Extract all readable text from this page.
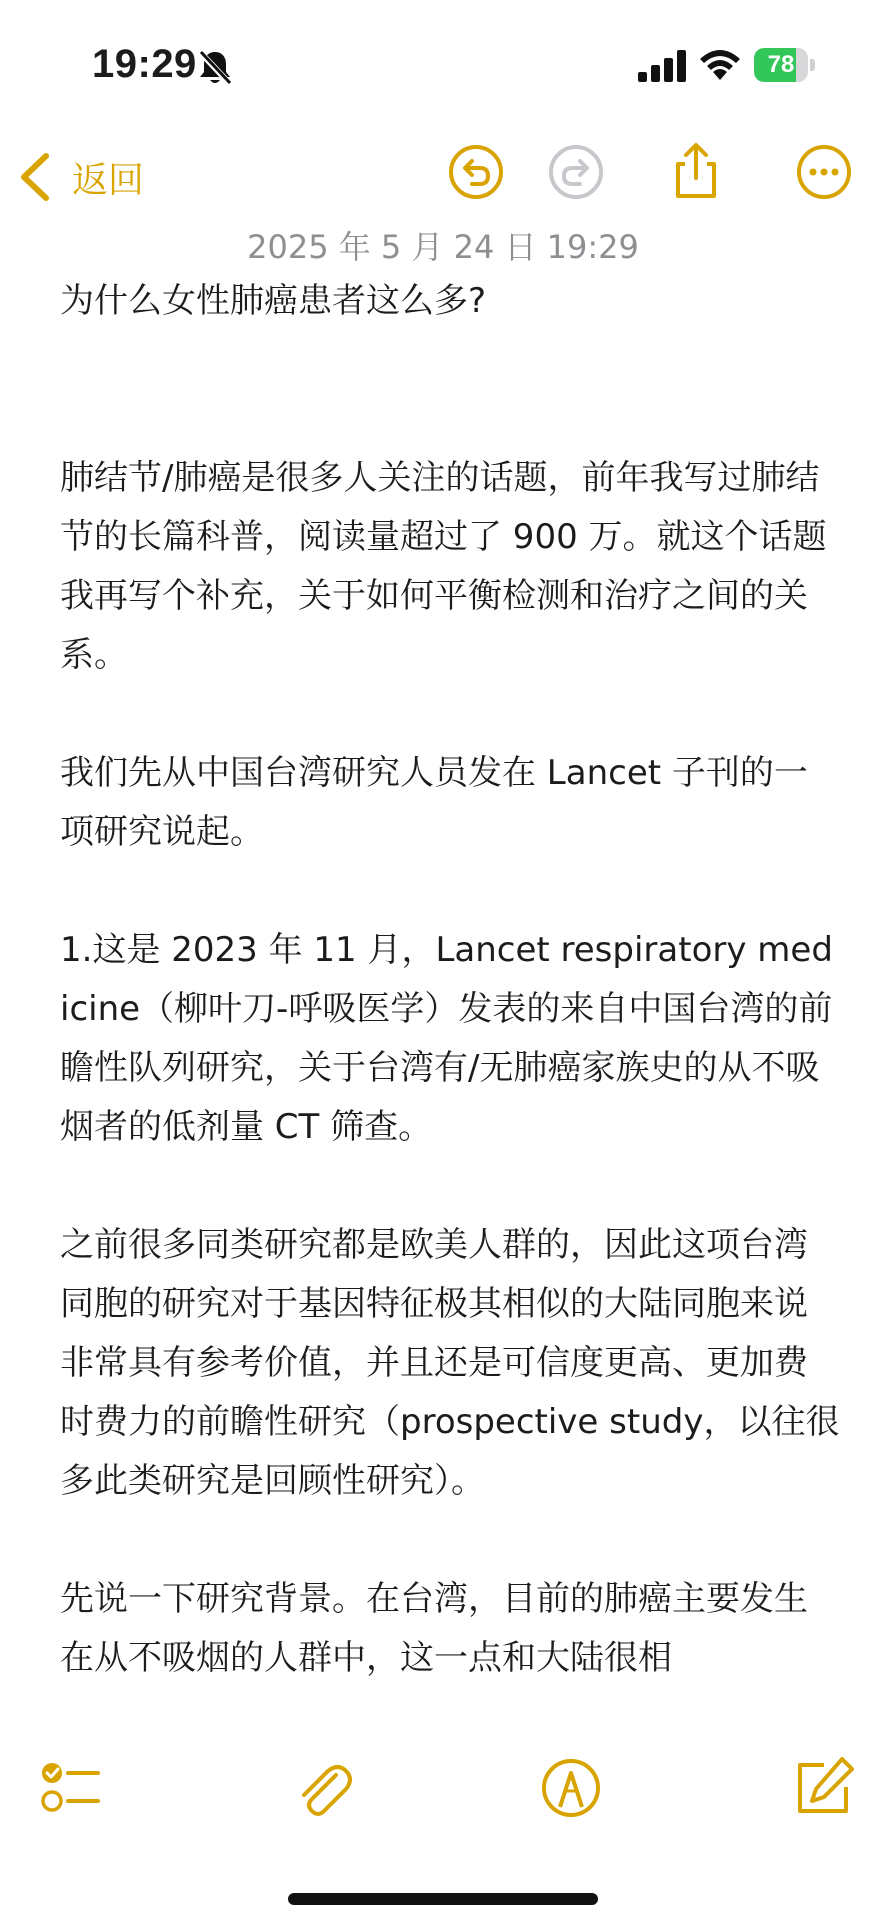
19:29	78
返回
2025 年 5 月 24 日 19:29

为什么女性肺癌患者这么多?

肺结节/肺癌是很多人关注的话题，前年我写过肺结节的长篇科普，阅读量超过了 900 万。就这个话题我再写个补充，关于如何平衡检测和治疗之间的关系。

我们先从中国台湾研究人员发在 Lancet 子刊的一项研究说起。

1.这是 2023 年 11 月，Lancet respiratory medicine（柳叶刀-呼吸医学）发表的来自中国台湾的前瞻性队列研究，关于台湾有/无肺癌家族史的从不吸烟者的低剂量 CT 筛查。

之前很多同类研究都是欧美人群的，因此这项台湾同胞的研究对于基因特征极其相似的大陆同胞来说非常具有参考价值，并且还是可信度更高、更加费时费力的前瞻性研究（prospective study，以往很多此类研究是回顾性研究）。

先说一下研究背景。在台湾，目前的肺癌主要发生在从不吸烟的人群中，这一点和大陆很相
